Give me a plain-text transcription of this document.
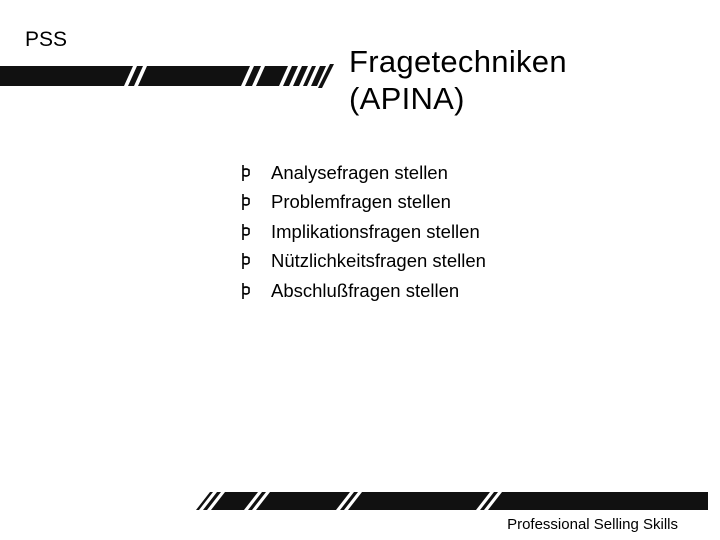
PSS
Fragetechniken
(APINA)
Analysefragen stellen
Problemfragen stellen
Implikationsfragen stellen
Nützlichkeitsfragen stellen
Abschlußfragen stellen
Professional Selling Skills
